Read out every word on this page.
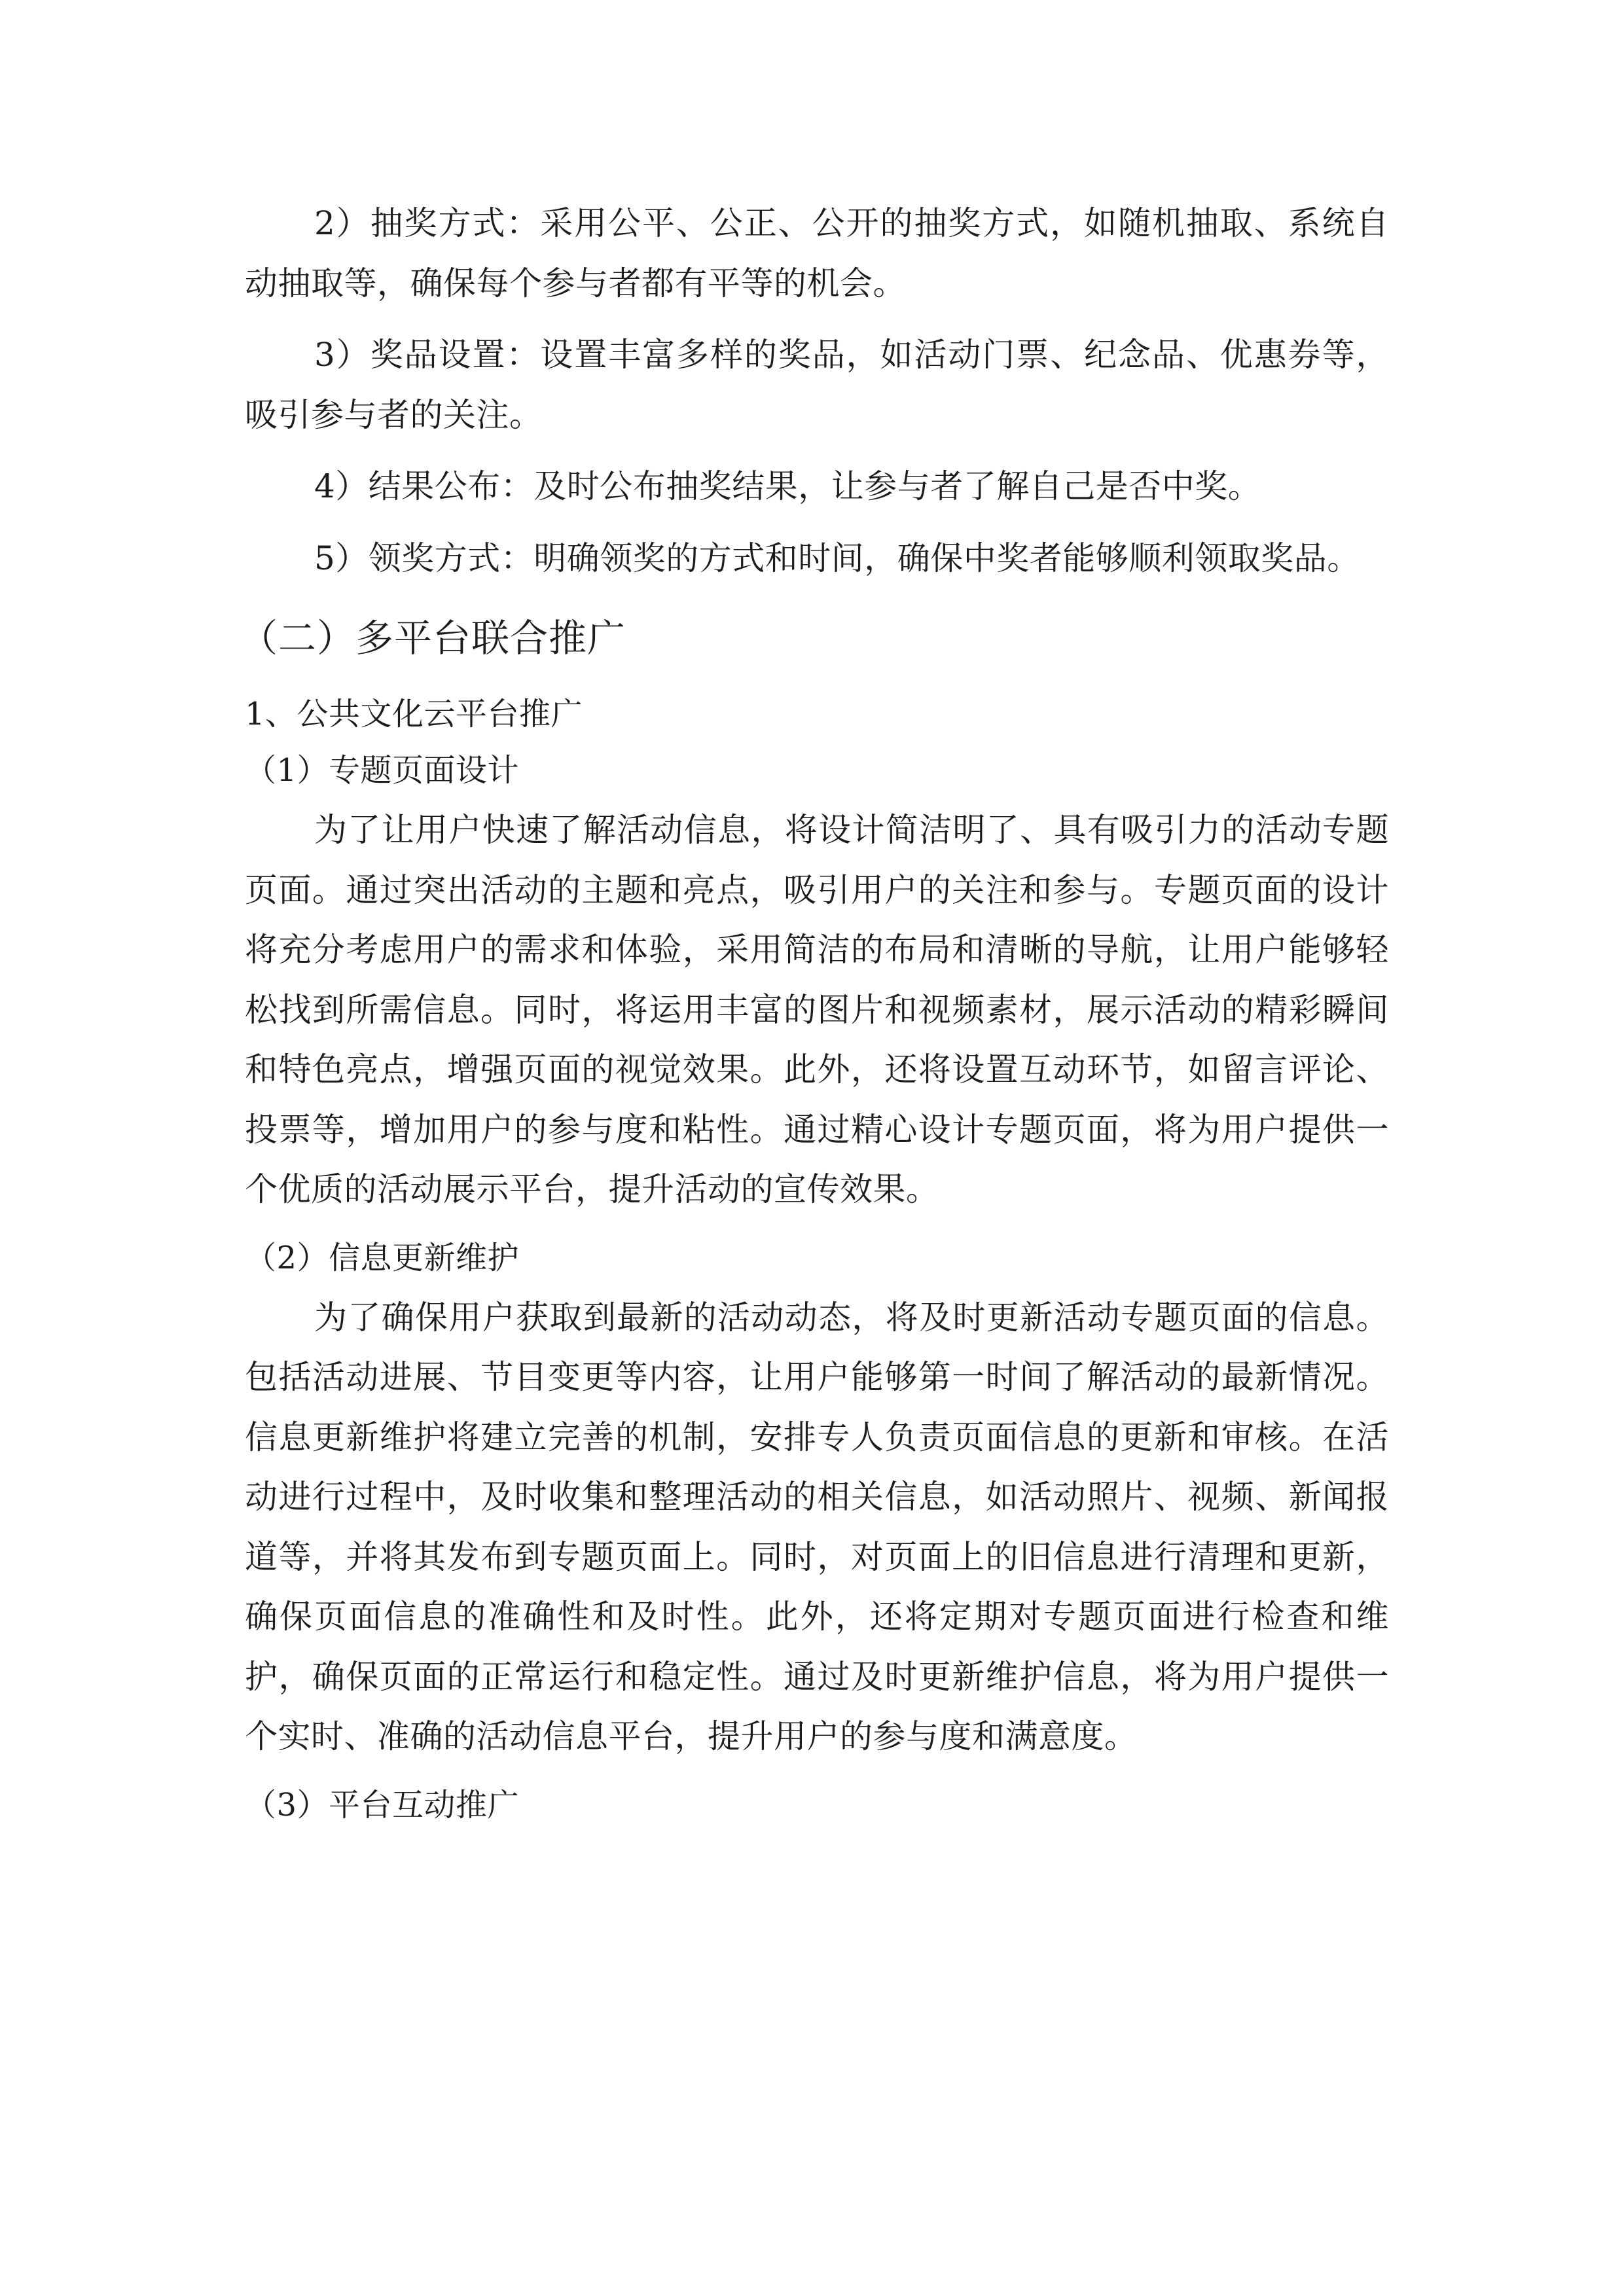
2）抽奖方式：采用公平、公正、公开的抽奖方式，如随机抽取、系统自动抽取等，确保每个参与者都有平等的机会。

3）奖品设置：设置丰富多样的奖品，如活动门票、纪念品、优惠券等，吸引参与者的关注。

4）结果公布：及时公布抽奖结果，让参与者了解自己是否中奖。

5）领奖方式：明确领奖的方式和时间，确保中奖者能够顺利领取奖品。

（二）多平台联合推广
1、公共文化云平台推广
（1）专题页面设计

为了让用户快速了解活动信息，将设计简洁明了、具有吸引力的活动专题页面。通过突出活动的主题和亮点，吸引用户的关注和参与。专题页面的设计将充分考虑用户的需求和体验，采用简洁的布局和清晰的导航，让用户能够轻松找到所需信息。同时，将运用丰富的图片和视频素材，展示活动的精彩瞬间和特色亮点，增强页面的视觉效果。此外，还将设置互动环节，如留言评论、投票等，增加用户的参与度和粘性。通过精心设计专题页面，将为用户提供一个优质的活动展示平台，提升活动的宣传效果。

（2）信息更新维护

为了确保用户获取到最新的活动动态，将及时更新活动专题页面的信息。包括活动进展、节目变更等内容，让用户能够第一时间了解活动的最新情况。信息更新维护将建立完善的机制，安排专人负责页面信息的更新和审核。在活动进行过程中，及时收集和整理活动的相关信息，如活动照片、视频、新闻报道等，并将其发布到专题页面上。同时，对页面上的旧信息进行清理和更新，确保页面信息的准确性和及时性。此外，还将定期对专题页面进行检查和维护，确保页面的正常运行和稳定性。通过及时更新维护信息，将为用户提供一个实时、准确的活动信息平台，提升用户的参与度和满意度。

（3）平台互动推广
